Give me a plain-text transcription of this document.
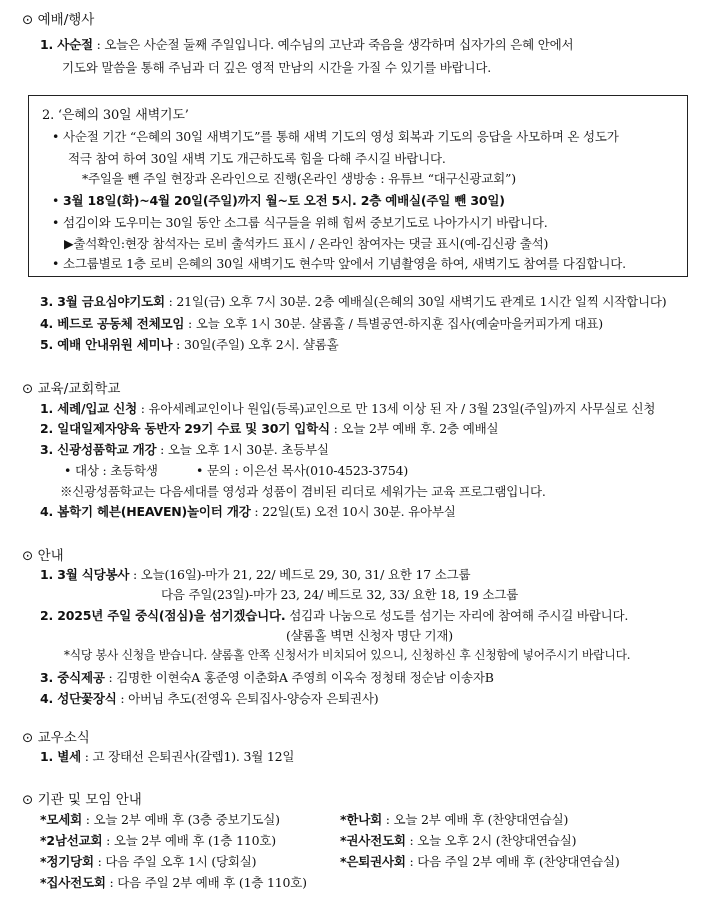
⊙ 예배/행사
1. 사순절 : 오늘은 사순절 둘째 주일입니다. 예수님의 고난과 죽음을 생각하며 십자가의 은혜 안에서
기도와 말씀을 통해 주님과 더 깊은 영적 만남의 시간을 가질 수 있기를 바랍니다.
2. ‘은혜의 30일 새벽기도’
• 사순절 기간 “은혜의 30일 새벽기도”를 통해 새벽 기도의 영성 회복과 기도의 응답을 사모하며 온 성도가
적극 참여 하여 30일 새벽 기도 개근하도록 힘을 다해 주시길 바랍니다.
*주일을 뺀 주일 현장과 온라인으로 진행(온라인 생방송 : 유튜브 “대구신광교회”)
• 3월 18일(화)~4월 20일(주일)까지 월~토 오전 5시. 2층 예배실(주일 뺀 30일)
• 섬김이와 도우미는 30일 동안 소그룹 식구들을 위해 힘써 중보기도로 나아가시기 바랍니다.
▶출석확인:현장 참석자는 로비 출석카드 표시 / 온라인 참여자는 댓글 표시(예-김신광 출석)
• 소그룹별로 1층 로비 은혜의 30일 새벽기도 현수막 앞에서 기념촬영을 하여, 새벽기도 참여를 다짐합니다.
3. 3월 금요심야기도회 : 21일(금) 오후 7시 30분. 2층 예배실(은혜의 30일 새벽기도 관계로 1시간 일찍 시작합니다)
4. 베드로 공동체 전체모임 : 오늘 오후 1시 30분. 샬롬홀 / 특별공연-하지훈 집사(예술마을커피가게 대표)
5. 예배 안내위원 세미나 : 30일(주일) 오후 2시. 샬롬홀
⊙ 교육/교회학교
1. 세례/입교 신청 : 유아세례교인이나 원입(등록)교인으로 만 13세 이상 된 자 / 3월 23일(주일)까지 사무실로 신청
2. 일대일제자양육 동반자 29기 수료 및 30기 입학식 : 오늘 2부 예배 후. 2층 예배실
3. 신광성품학교 개강 : 오늘 오후 1시 30분. 초등부실
• 대상 : 초등학생	• 문의 : 이은선 목사(010-4523-3754)
※신광성품학교는 다음세대를 영성과 성품이 겸비된 리더로 세워가는 교육 프로그램입니다.
4. 봄학기 헤븐(HEAVEN)놀이터 개강 : 22일(토) 오전 10시 30분. 유아부실
⊙ 안내
1. 3월 식당봉사 : 오늘(16일)-마가 21, 22/ 베드로 29, 30, 31/ 요한 17 소그룹
다음 주일(23일)-마가 23, 24/ 베드로 32, 33/ 요한 18, 19 소그룹
2. 2025년 주일 중식(점심)을 섬기겠습니다. 섬김과 나눔으로 성도를 섬기는 자리에 참여해 주시길 바랍니다.
(샬롬홀 벽면 신청자 명단 기재)
*식당 봉사 신청을 받습니다. 샬롬홀 안쪽 신청서가 비치되어 있으니, 신청하신 후 신청함에 넣어주시기 바랍니다.
3. 중식제공 : 김명한 이현숙A 홍준영 이춘화A 주영희 이옥숙 정청태 정순남 이송자B
4. 성단꽃장식 : 아버님 추도(전영옥 은퇴집사-양승자 은퇴권사)
⊙ 교우소식
1. 별세 : 고 장태선 은퇴권사(갈렙1). 3월 12일
⊙ 기관 및 모임 안내
*모세회 : 오늘 2부 예배 후 (3층 중보기도실)	*한나회 : 오늘 2부 예배 후 (찬양대연습실)
*2남선교회 : 오늘 2부 예배 후 (1층 110호)	*권사전도회 : 오늘 오후 2시 (찬양대연습실)
*정기당회 : 다음 주일 오후 1시 (당회실)	*은퇴권사회 : 다음 주일 2부 예배 후 (찬양대연습실)
*집사전도회 : 다음 주일 2부 예배 후 (1층 110호)
